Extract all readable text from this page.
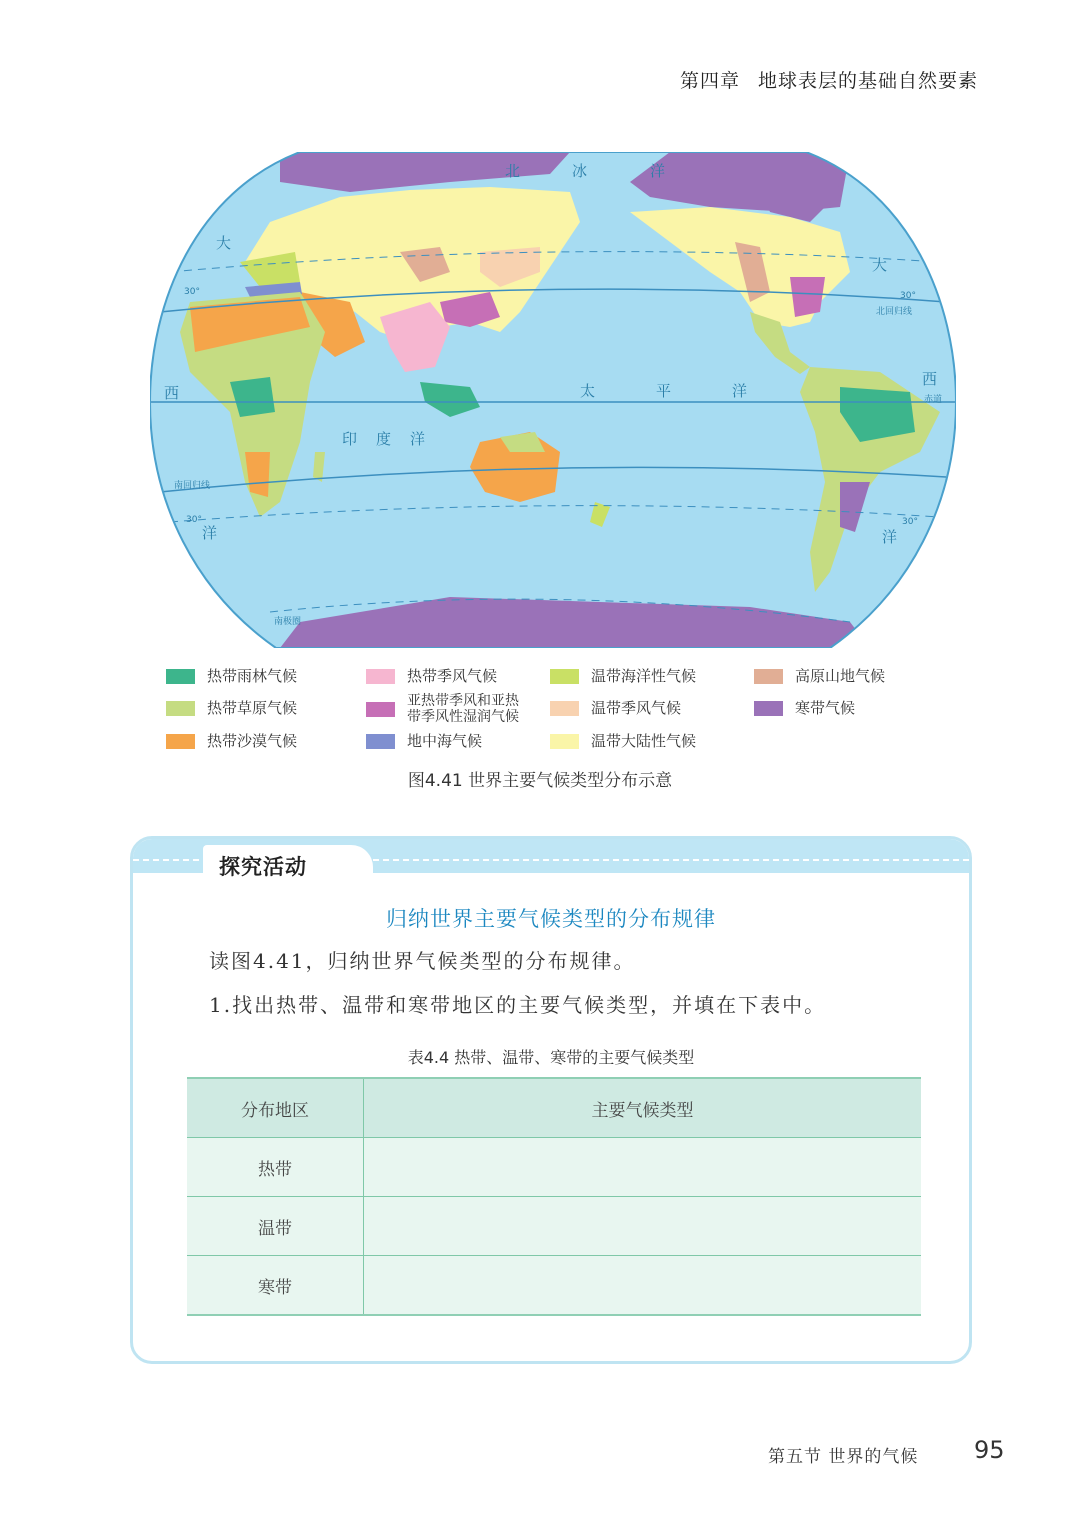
第四章 地球表层的基础自然要素
北	冰	洋
大
大
西
西
太	平	洋
印 度 洋
洋	洋
30°	30°
30°	30°
北回归线
南回归线
赤道
南极圈
热带雨林气候
热带草原气候
热带沙漠气候
热带季风气候
亚热带季风和亚热
带季风性湿润气候
地中海气候
温带海洋性气候
温带季风气候
温带大陆性气候
高原山地气候
寒带气候
图4.41 世界主要气候类型分布示意
探究活动
归纳世界主要气候类型的分布规律
读图4.41，归纳世界气候类型的分布规律。
1.找出热带、温带和寒带地区的主要气候类型，并填在下表中。
表4.4 热带、温带、寒带的主要气候类型
分布地区	主要气候类型
热带	
温带	
寒带	
第五节 世界的气候 95
